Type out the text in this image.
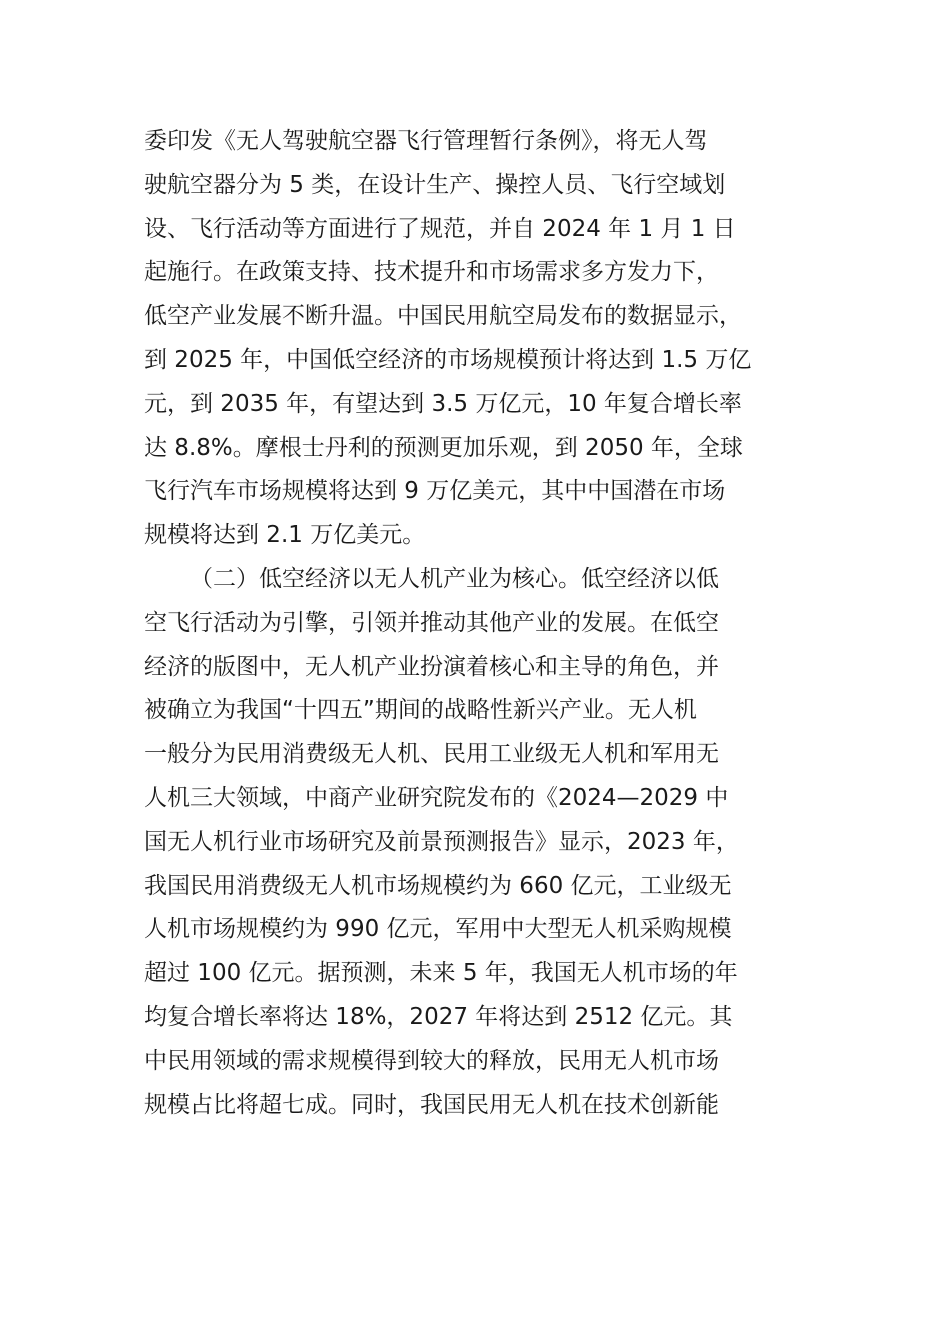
委印发《无人驾驶航空器飞行管理暂行条例》，将无人驾
驶航空器分为 5 类，在设计生产、操控人员、飞行空域划
设、飞行活动等方面进行了规范，并自 2024 年 1 月 1 日
起施行。在政策支持、技术提升和市场需求多方发力下，
低空产业发展不断升温。中国民用航空局发布的数据显示，
到 2025 年，中国低空经济的市场规模预计将达到 1.5 万亿
元，到 2035 年，有望达到 3.5 万亿元，10 年复合增长率
达 8.8%。摩根士丹利的预测更加乐观，到 2050 年，全球
飞行汽车市场规模将达到 9 万亿美元，其中中国潜在市场
规模将达到 2.1 万亿美元。
（二）低空经济以无人机产业为核心。低空经济以低
空飞行活动为引擎，引领并推动其他产业的发展。在低空
经济的版图中，无人机产业扮演着核心和主导的角色，并
被确立为我国“十四五”期间的战略性新兴产业。无人机
一般分为民用消费级无人机、民用工业级无人机和军用无
人机三大领域，中商产业研究院发布的《2024—2029 中
国无人机行业市场研究及前景预测报告》显示，2023 年，
我国民用消费级无人机市场规模约为 660 亿元，工业级无
人机市场规模约为 990 亿元，军用中大型无人机采购规模
超过 100 亿元。据预测，未来 5 年，我国无人机市场的年
均复合增长率将达 18%，2027 年将达到 2512 亿元。其
中民用领域的需求规模得到较大的释放，民用无人机市场
规模占比将超七成。同时，我国民用无人机在技术创新能
